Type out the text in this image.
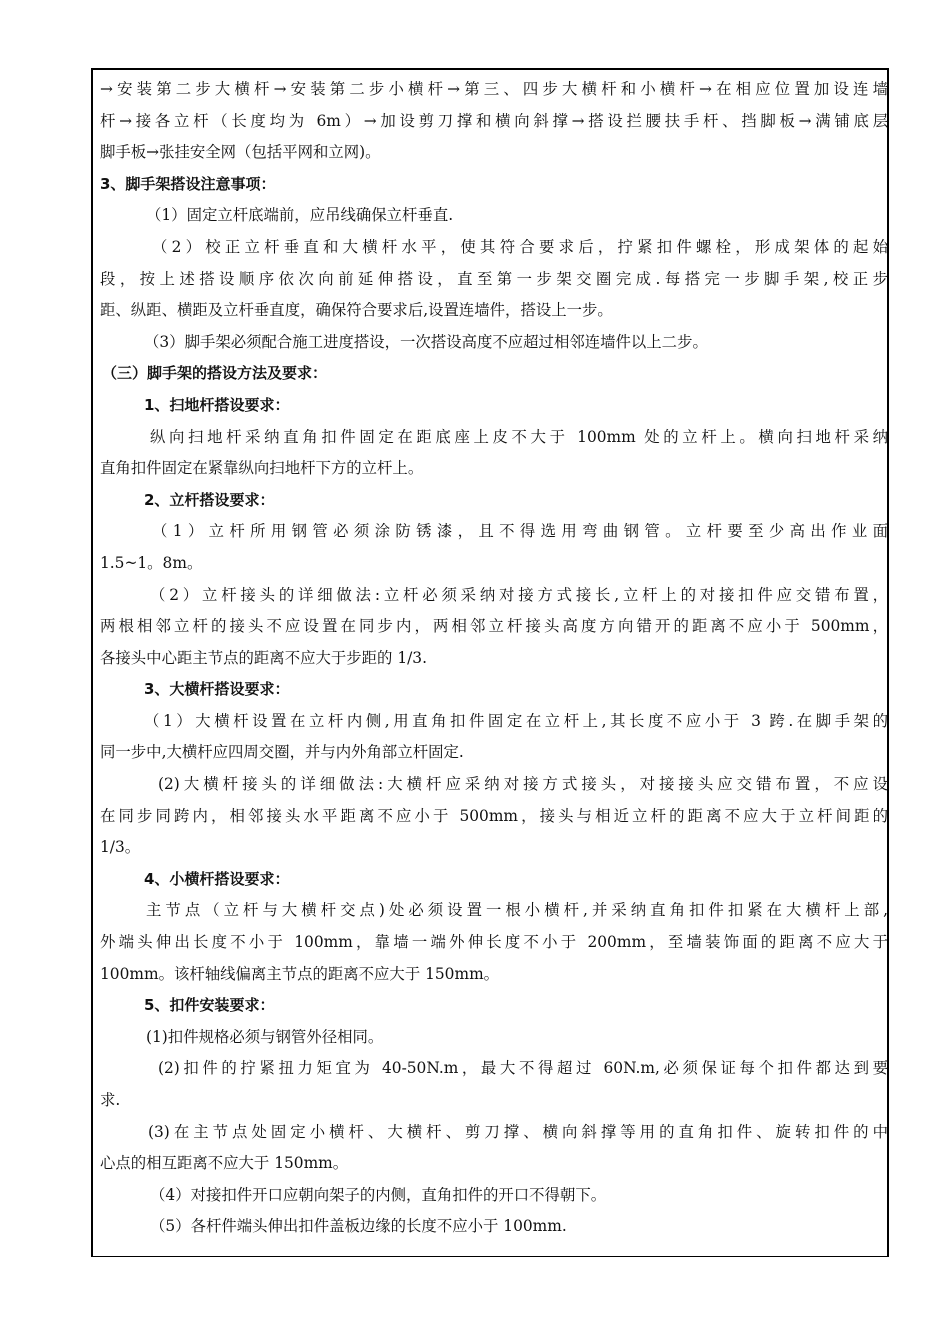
→安装第二步大横杆→安装第二步小横杆→第三、四步大横杆和小横杆→在相应位置加设连墙
杆→接各立杆（长度均为 6m）→加设剪刀撑和横向斜撑→搭设拦腰扶手杆、挡脚板→满铺底层
脚手板→张挂安全网（包括平网和立网)。
3、脚手架搭设注意事项：
（1）固定立杆底端前，应吊线确保立杆垂直.
（2）校正立杆垂直和大横杆水平，使其符合要求后，拧紧扣件螺栓，形成架体的起始
段，按上述搭设顺序依次向前延伸搭设，直至第一步架交圈完成.每搭完一步脚手架,校正步
距、纵距、横距及立杆垂直度，确保符合要求后,设置连墙件，搭设上一步。
（3）脚手架必须配合施工进度搭设，一次搭设高度不应超过相邻连墙件以上二步。
（三）脚手架的搭设方法及要求：
1、扫地杆搭设要求：
纵向扫地杆采纳直角扣件固定在距底座上皮不大于 100mm 处的立杆上。横向扫地杆采纳
直角扣件固定在紧靠纵向扫地杆下方的立杆上。
2、立杆搭设要求：
（1）立杆所用钢管必须涂防锈漆，且不得选用弯曲钢管。立杆要至少高出作业面
1.5~1。8m。
（2）立杆接头的详细做法:立杆必须采纳对接方式接长,立杆上的对接扣件应交错布置，
两根相邻立杆的接头不应设置在同步内，两相邻立杆接头高度方向错开的距离不应小于 500mm，
各接头中心距主节点的距离不应大于步距的 1/3.
3、大横杆搭设要求：
（1）大横杆设置在立杆内侧,用直角扣件固定在立杆上,其长度不应小于 3 跨.在脚手架的
同一步中,大横杆应四周交圈，并与内外角部立杆固定.
(2)大横杆接头的详细做法:大横杆应采纳对接方式接头，对接接头应交错布置，不应设
在同步同跨内，相邻接头水平距离不应小于 500mm，接头与相近立杆的距离不应大于立杆间距的
1/3。
4、小横杆搭设要求：
主节点（立杆与大横杆交点)处必须设置一根小横杆,并采纳直角扣件扣紧在大横杆上部,
外端头伸出长度不小于 100mm，靠墙一端外伸长度不小于 200mm，至墙装饰面的距离不应大于
100mm。该杆轴线偏离主节点的距离不应大于 150mm。
5、扣件安装要求：
(1)扣件规格必须与钢管外径相同。
(2)扣件的拧紧扭力矩宜为 40-50N.m，最大不得超过 60N.m,必须保证每个扣件都达到要
求.
(3)在主节点处固定小横杆、大横杆、剪刀撑、横向斜撑等用的直角扣件、旋转扣件的中
心点的相互距离不应大于 150mm。
（4）对接扣件开口应朝向架子的内侧，直角扣件的开口不得朝下。
（5）各杆件端头伸出扣件盖板边缘的长度不应小于 100mm.
